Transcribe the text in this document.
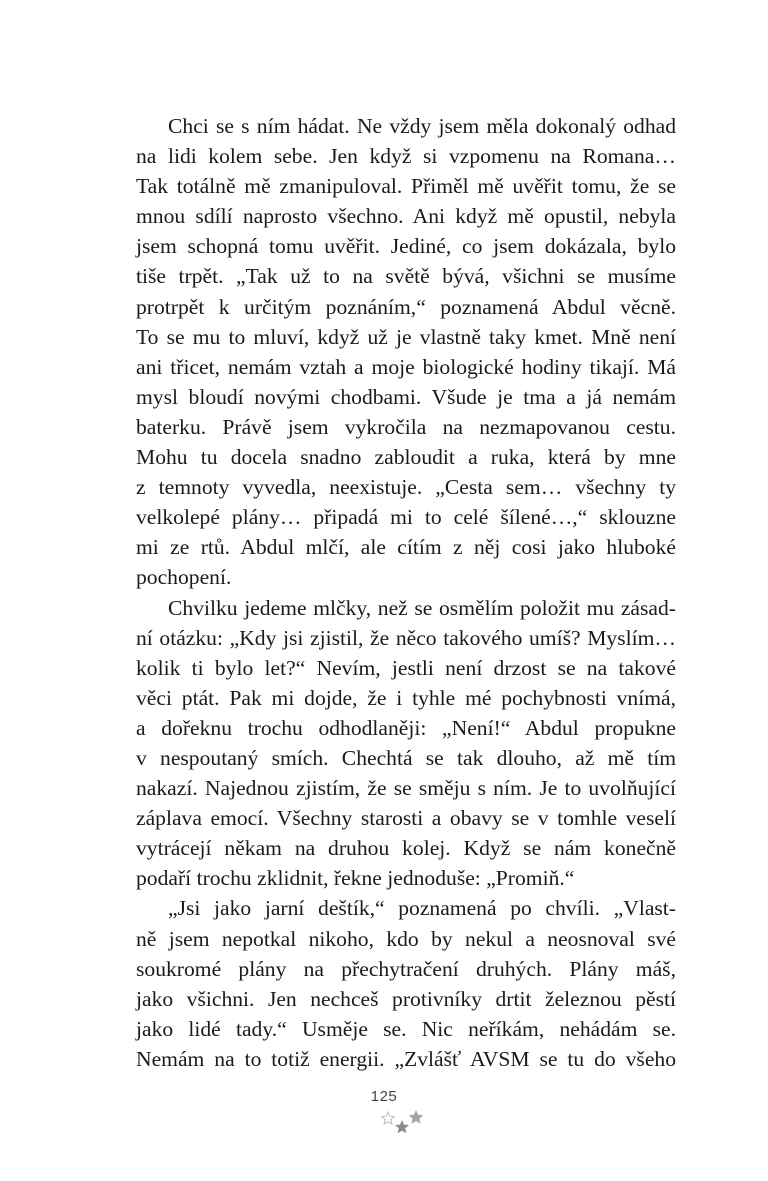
Chci se s ním hádat. Ne vždy jsem měla dokonalý odhad
na lidi kolem sebe. Jen když si vzpomenu na Romana…
Tak totálně mě zmanipuloval. Přiměl mě uvěřit tomu, že se
mnou sdílí naprosto všechno. Ani když mě opustil, nebyla
jsem schopná tomu uvěřit. Jediné, co jsem dokázala, bylo
tiše trpět. „Tak už to na světě bývá, všichni se musíme
protrpět k určitým poznáním,“ poznamená Abdul věcně.
To se mu to mluví, když už je vlastně taky kmet. Mně není
ani třicet, nemám vztah a moje biologické hodiny tikají. Má
mysl bloudí novými chodbami. Všude je tma a já nemám
baterku. Právě jsem vykročila na nezmapovanou cestu.
Mohu tu docela snadno zabloudit a ruka, která by mne
z temnoty vyvedla, neexistuje. „Cesta sem… všechny ty
velkolepé plány… připadá mi to celé šílené…,“ sklouzne
mi ze rtů. Abdul mlčí, ale cítím z něj cosi jako hluboké
pochopení.
Chvilku jedeme mlčky, než se osmělím položit mu zásad-
ní otázku: „Kdy jsi zjistil, že něco takového umíš? Myslím…
kolik ti bylo let?“ Nevím, jestli není drzost se na takové
věci ptát. Pak mi dojde, že i tyhle mé pochybnosti vnímá,
a dořeknu trochu odhodlaněji: „Není!“ Abdul propukne
v nespoutaný smích. Chechtá se tak dlouho, až mě tím
nakazí. Najednou zjistím, že se směju s ním. Je to uvolňující
záplava emocí. Všechny starosti a obavy se v tomhle veselí
vytrácejí někam na druhou kolej. Když se nám konečně
podaří trochu zklidnit, řekne jednoduše: „Promiň.“
„Jsi jako jarní deštík,“ poznamená po chvíli. „Vlast-
ně jsem nepotkal nikoho, kdo by nekul a neosnoval své
soukromé plány na přechytračení druhých. Plány máš,
jako všichni. Jen nechceš protivníky drtit železnou pěstí
jako lidé tady.“ Usměje se. Nic neříkám, nehádám se.
Nemám na to totiž energii. „Zvlášť AVSM se tu do všeho
125
